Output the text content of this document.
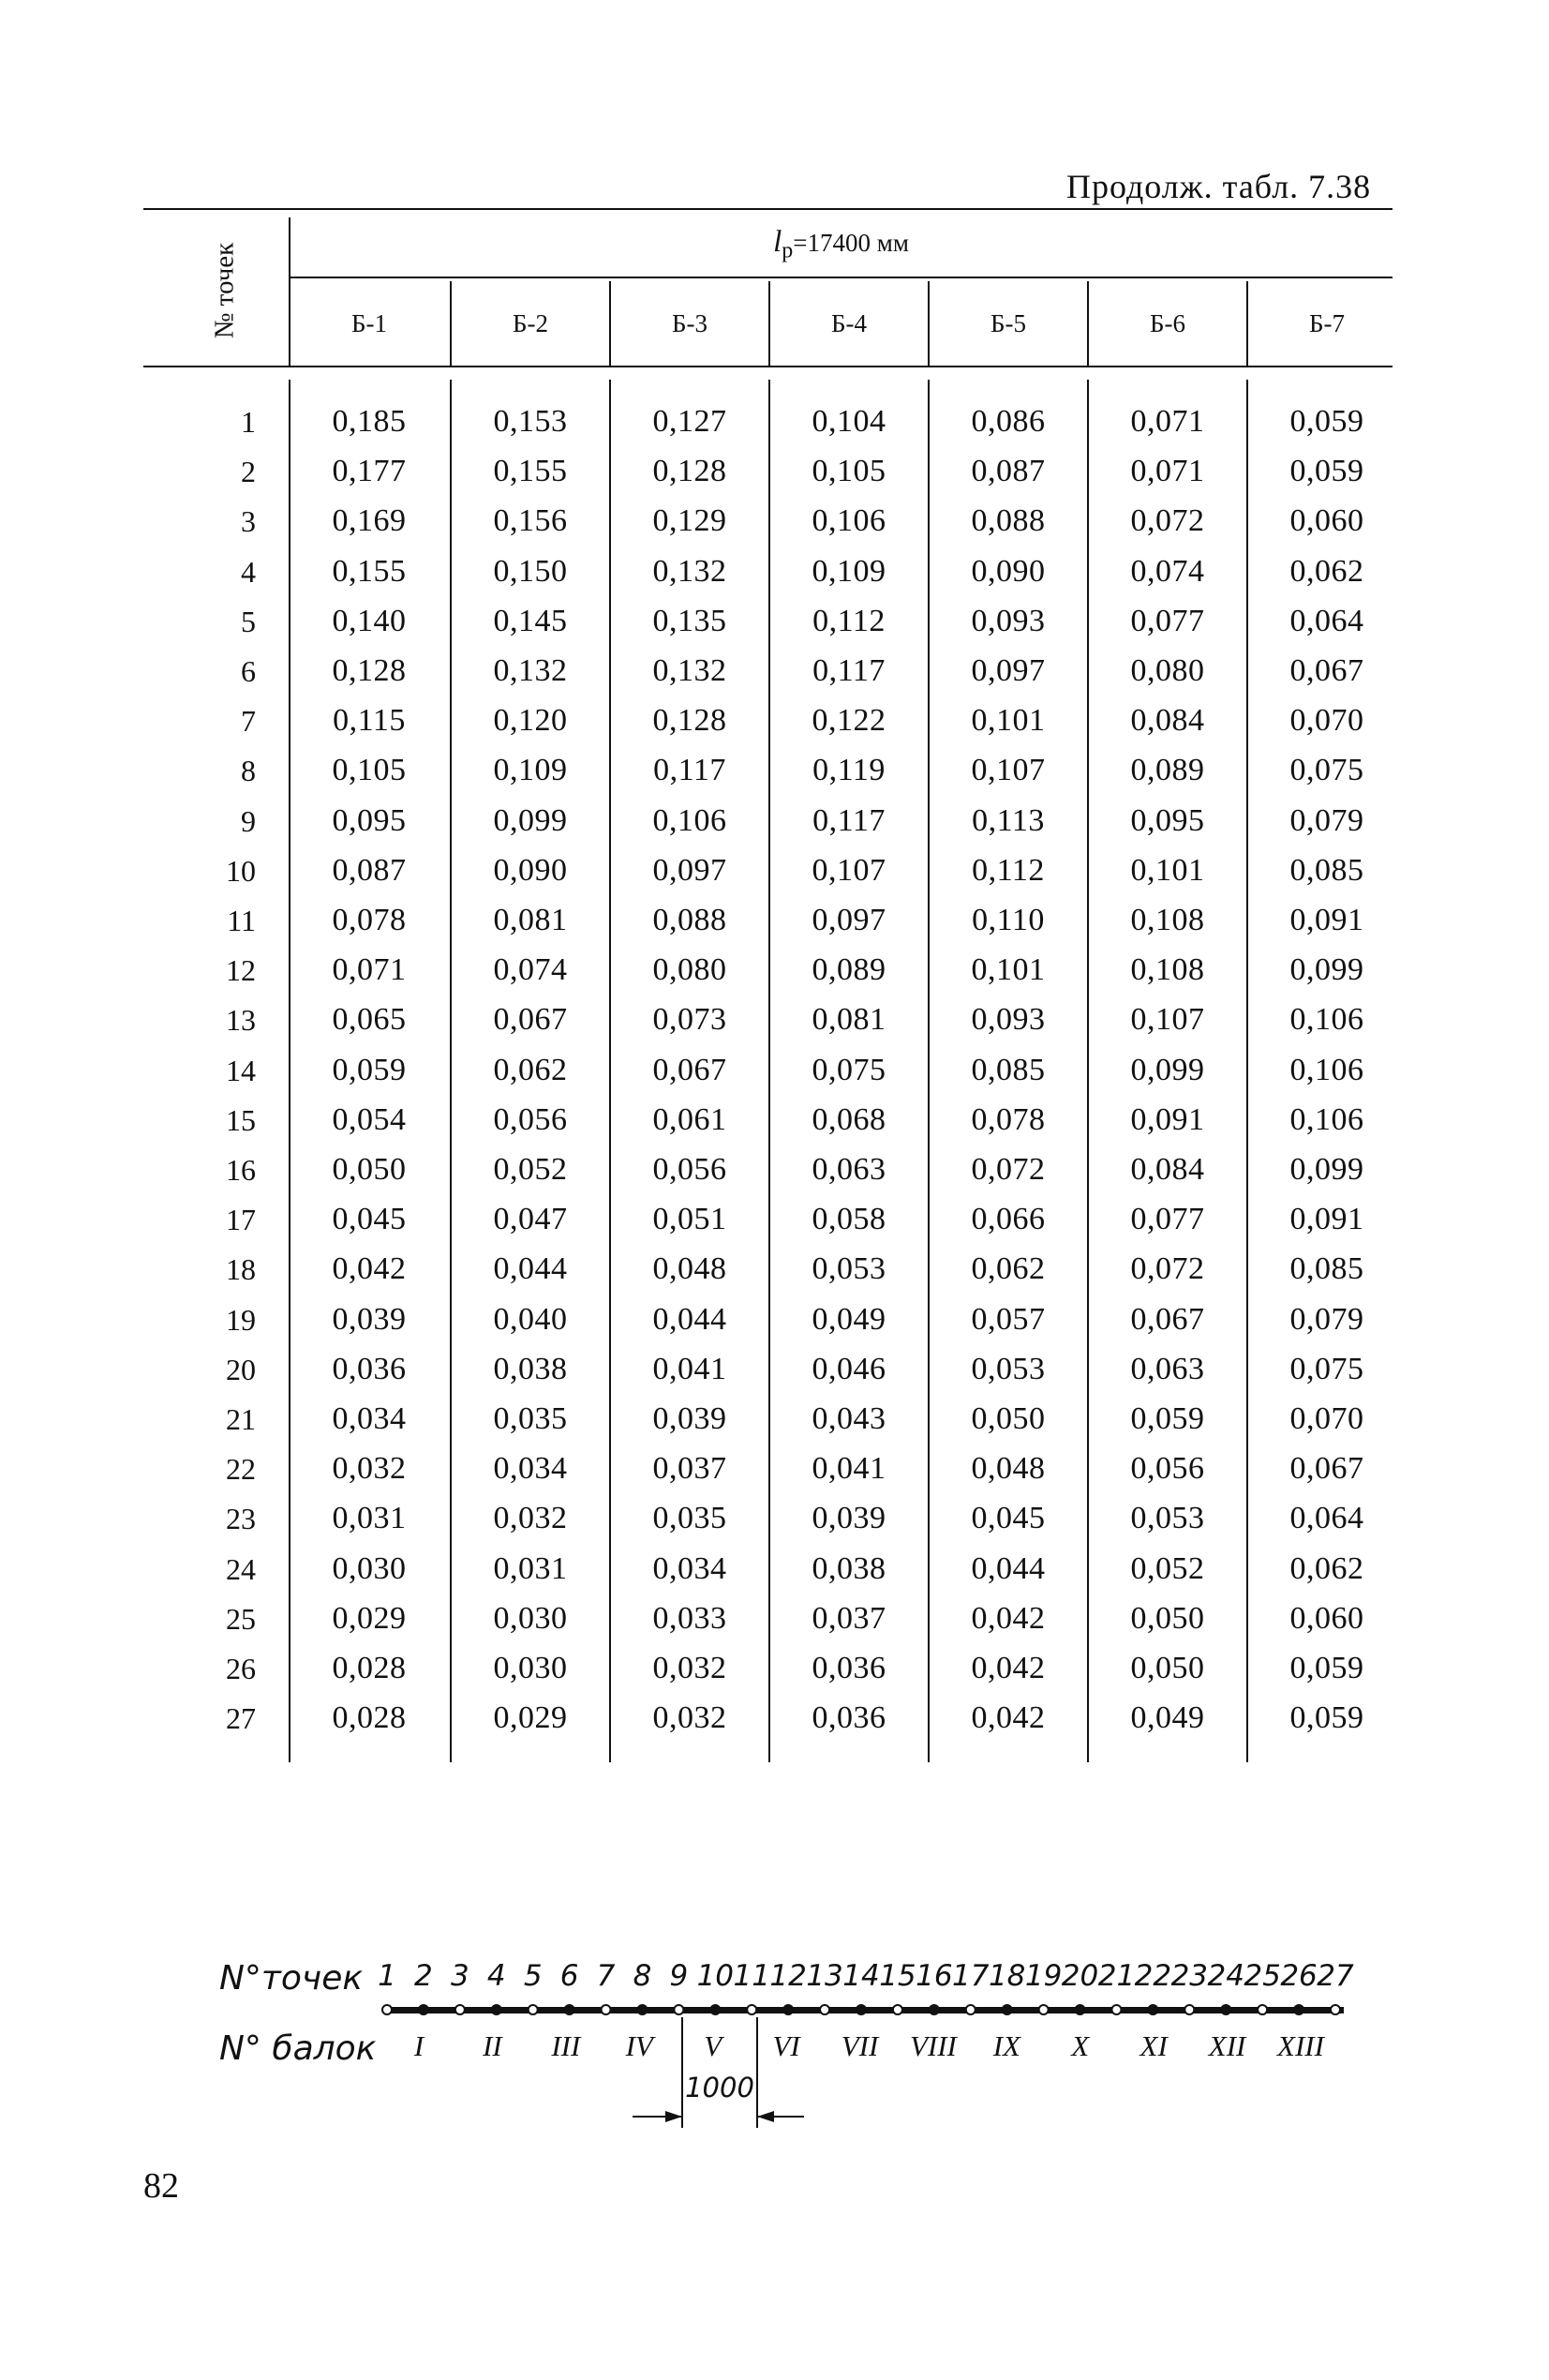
Продолж. табл. 7.38
№ точек
$l_р=17400$ мм
Б-1	Б-2	Б-3	Б-4	Б-5	Б-6	Б-7
1	0,185	0,153	0,127	0,104	0,086	0,071	0,059
2	0,177	0,155	0,128	0,105	0,087	0,071	0,059
3	0,169	0,156	0,129	0,106	0,088	0,072	0,060
4	0,155	0,150	0,132	0,109	0,090	0,074	0,062
5	0,140	0,145	0,135	0,112	0,093	0,077	0,064
6	0,128	0,132	0,132	0,117	0,097	0,080	0,067
7	0,115	0,120	0,128	0,122	0,101	0,084	0,070
8	0,105	0,109	0,117	0,119	0,107	0,089	0,075
9	0,095	0,099	0,106	0,117	0,113	0,095	0,079
10	0,087	0,090	0,097	0,107	0,112	0,101	0,085
11	0,078	0,081	0,088	0,097	0,110	0,108	0,091
12	0,071	0,074	0,080	0,089	0,101	0,108	0,099
13	0,065	0,067	0,073	0,081	0,093	0,107	0,106
14	0,059	0,062	0,067	0,075	0,085	0,099	0,106
15	0,054	0,056	0,061	0,068	0,078	0,091	0,106
16	0,050	0,052	0,056	0,063	0,072	0,084	0,099
17	0,045	0,047	0,051	0,058	0,066	0,077	0,091
18	0,042	0,044	0,048	0,053	0,062	0,072	0,085
19	0,039	0,040	0,044	0,049	0,057	0,067	0,079
20	0,036	0,038	0,041	0,046	0,053	0,063	0,075
21	0,034	0,035	0,039	0,043	0,050	0,059	0,070
22	0,032	0,034	0,037	0,041	0,048	0,056	0,067
23	0,031	0,032	0,035	0,039	0,045	0,053	0,064
24	0,030	0,031	0,034	0,038	0,044	0,052	0,062
25	0,029	0,030	0,033	0,037	0,042	0,050	0,060
26	0,028	0,030	0,032	0,036	0,042	0,050	0,059
27	0,028	0,029	0,032	0,036	0,042	0,049	0,059
N°точек
N° балок
1 2 3 4 5 6 7 8 9 10 11 12 13 14 15 16 17 18 19 20 21 22 23 24 25 26 27
I	II	III	IV	V	VI	VII	VIII	IX	X	XI	XII	XIII
1000
82
